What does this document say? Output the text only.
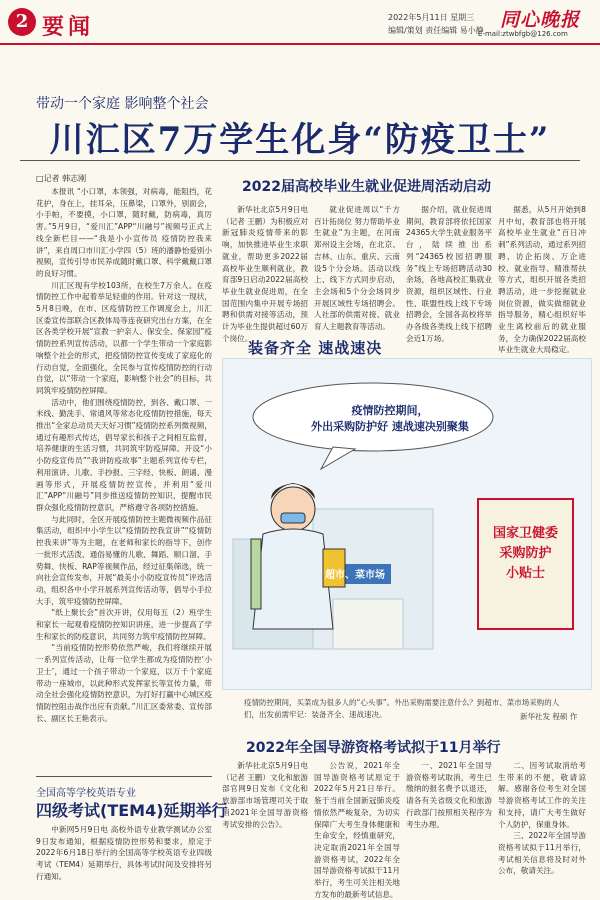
2 要闻	2022年5月11日 星期三
编辑/策划 责任编辑 易小静 同心晚报
E-mail:ztwbfgb@126.com
带动一个家庭 影响整个社会
川汇区7万学生化身“防疫卫士”
□记者 韩志刚

本报讯 “小口罩，本领强，对病毒，能阻挡，花花护，身在上，挂耳朵，压鼻梁，口罩外，别面会，小手帕，不要摸，小口罩，随时戴，防病毒，真厉害。”5月9日，“爱川汇”APP“川融号”视频号正式上线全新栏目——“我是小小宣传员 疫情防控我来讲”，来自周口市川汇小学四（5）班的潘静怡爱别小视频，宣传引导市民养成随时戴口罩、科学戴戴口罩的良好习惯。

川汇区现有学校103所，在校生7万余人。在疫情防控工作中起着举足轻重的作用。针对这一现状，5月8日晚，在市、区疫情防控工作调度会上，川汇区委宣传部联合区教体局等连夜研究出台方案，在全区各类学校开展“宣教一护亲人、保安全、保家园”疫情防控系列宣传活动，以都一个学生带动一个家庭影响整个社会的形式，把疫情防控宣传变成了家庭化的行动自觉，全面强化，全民参与宣传疫情防控的行动自觉，以“带动一个家庭，影响整个社会”的目标，共同筑牢疫情防控屏障。

活动中，他们围绕疫情防控，到各、戴口罩、一米线、勤洗手、常通风等常态化疫情防控措施，每天推出“全家总动员天天好习惯”疫情防控系列微视频，通过有趣形式传达，倡导家长和孩子之间相互监督，培养健康的生活习惯，共同筑牢防疫屏障。开设“小小防疫宣传员”“我讲防疫故事”主题系列宣传专栏，利用演讲、儿歌、手抄报、三字经、快板、朗诵、漫画等形式，开展疫情防控宣传，并利用“爱川汇”APP“川融号”同步推送疫情防控知识，提醒市民群众强化疫情防控意识，严格遵守各项防控措施。

与此同时，全区开展疫情防控主题微视频作品征集活动，组织中小学生以“疫情防控我宣讲”“疫情防控我来讲”等为主题，在老师和家长的指导下，创作一批形式活泼、通俗易懂的儿歌、舞蹈、顺口溜、手势舞、快板、RAP等视频作品，经过征集筛选，统一向社会宣传发布，开展“最美小小防疫宣传员”评选活动，组织各中小学开展系列宣传活动等，倡导小手拉大手，筑牢疫情防控屏障。

“纸上聚长会”首次开讲，仅用每五（2）班学生和家长一起观看疫情防控知识讲座，进一步提高了学生和家长的防疫意识，共同努力筑牢疫情防控屏障。

“当前疫情防控形势依然严峻，我们将继续开展一系列宣传活动，让每一位学生都成为疫情防控‘小卫士’，通过一个孩子带动一个家庭，以万千个家庭带动一座城市，以此种形式发挥家长等宣传力量，带动全社会强化疫情防控意识，为打好打赢中心城区疫情防控阻击战作出应有贡献。”川汇区委常委、宣传部长、副区长王艳表示。

2022届高校毕业生就业促进周活动启动

新华社北京5月9日电（记者 王鹏）为积极应对新冠肺炎疫情带来的影响，加快推进毕业生求职就业，帮助更多2022届高校毕业生顺利就业，教育部9日启动2022届高校毕业生就业促进周，在全国范围内集中开展专场招聘和供需对接等活动，预计为毕业生提供超过60万个岗位。

就业促进周以“千方百计拓岗位 努力帮助毕业生就业”为主题，在河南郑州设主会场，在北京、吉林、山东、重庆、云南设5个分会场。活动以线上、线下方式同步启动，主会场和5个分会场同步开展区域性专场招聘会。人社部的供需对接、就业育人主题教育等活动。

据介绍，就业促进周期间，教育部将依托国家24365大学生就业服务平台，陆续推出系列“24365校园招聘服务”线上专场招聘活动30余场，各地高校汇集就业资源，组织区域性、行业性、联盟性线上线下专场招聘会，全国各高校将举办各级各类线上线下招聘会近1万场。

据悉，从5月开始到8月中旬，教育部也将开展高校毕业生就业“百日冲刺”系列活动，通过系列招聘、访企拓岗、万企进校、就业指导、精准帮扶等方式，组织开展各类招聘活动，进一步挖掘就业岗位资源，做实做细就业指导服务，精心组织好毕业生离校前后的就业服务，全力确保2022届高校毕业生就业大局稳定。

装备齐全 速战速决
疫情防控期间，
外出采购防护好 速战速决别聚集
超市、菜市场
国家卫健委
采购防护
小贴士
疫情防控期间，买菜成为很多人的“心头事”。外出采购需要注意什么？到超市、菜市场采购的人们，出发前需牢记：装备齐全、速战速决。	新华社发 程硕 作
2022年全国导游资格考试拟于11月举行

新华社北京5月9日电（记者 王鹏）文化和旅游部官网9日发布《文化和旅游部市场管理司关于取消2021年全国导游资格考试安排的公告》。

公告说，2021年全国导游资格考试原定于2022年5月21日举行。鉴于当前全国新冠肺炎疫情依然严峻复杂，为切实保障广大考生身体健康和生命安全，经慎重研究，决定取消2021年全国导游资格考试，2022年全国导游资格考试拟于11月举行，考生可关注相关地方发布的最新考试信息。

一、2021年全国导游资格考试取消，考生已缴纳的报名费予以退还，请各有关省级文化和旅游行政部门按照相关程序为考生办理。

二、因考试取消给考生带来的不便，敬请谅解。感谢各位考生对全国导游资格考试工作的关注和支持，请广大考生做好个人防护，保重身体。

三、2022年全国导游资格考试拟于11月举行，考试相关信息将及时对外公布，敬请关注。

全国高等学校英语专业
四级考试(TEM4)延期举行

中新网5月9日电 高校外语专业教学测试办公室9日发布通知，根据疫情防控形势和要求，原定于2022年6月18日举行的全国高等学校英语专业四级考试（TEM4）延期举行，具体考试时间及安排将另行通知。
